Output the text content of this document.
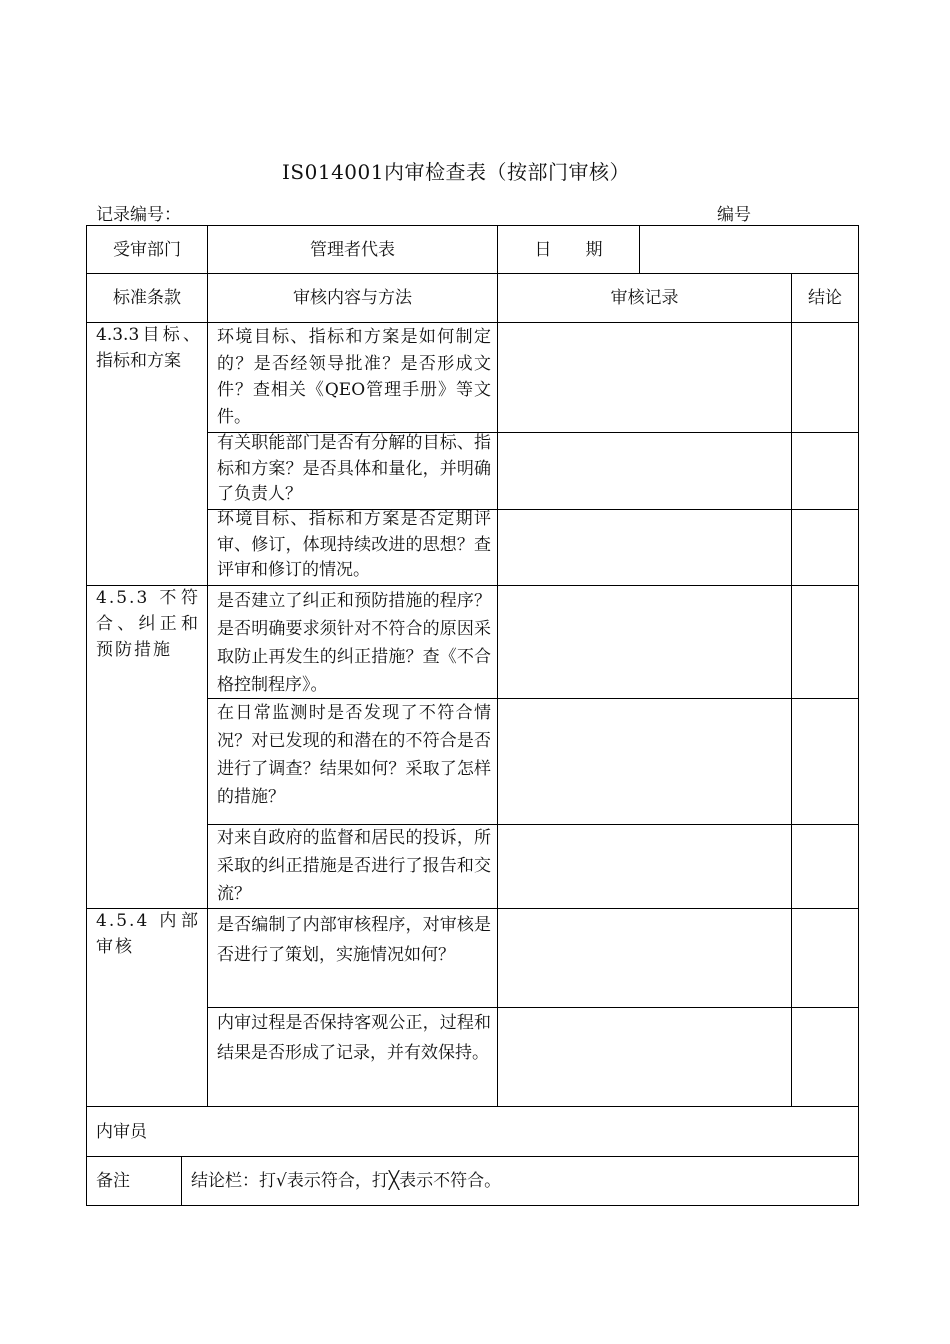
IS014001内审检查表（按部门审核）
记录编号：	编号
受审部门	管理者代表	日　　期
标准条款	审核内容与方法	审核记录	结论
4.3.3目标、指标和方案
环境目标、指标和方案是如何制定的？是否经领导批准？是否形成文件？查相关《QEO管理手册》等文件。
有关职能部门是否有分解的目标、指标和方案？是否具体和量化，并明确了负责人？
环境目标、指标和方案是否定期评审、修订，体现持续改进的思想？查评审和修订的情况。
4.5.3 不符合、纠正和预防措施
是否建立了纠正和预防措施的程序？是否明确要求须针对不符合的原因采取防止再发生的纠正措施？查《不合格控制程序》。
在日常监测时是否发现了不符合情况？对已发现的和潜在的不符合是否进行了调查？结果如何？采取了怎样的措施？
对来自政府的监督和居民的投诉，所采取的纠正措施是否进行了报告和交流？
4.5.4 内部审核
是否编制了内部审核程序，对审核是否进行了策划，实施情况如何？
内审过程是否保持客观公正，过程和结果是否形成了记录，并有效保持。
内审员
备注	结论栏：打√表示符合，打╳表示不符合。
